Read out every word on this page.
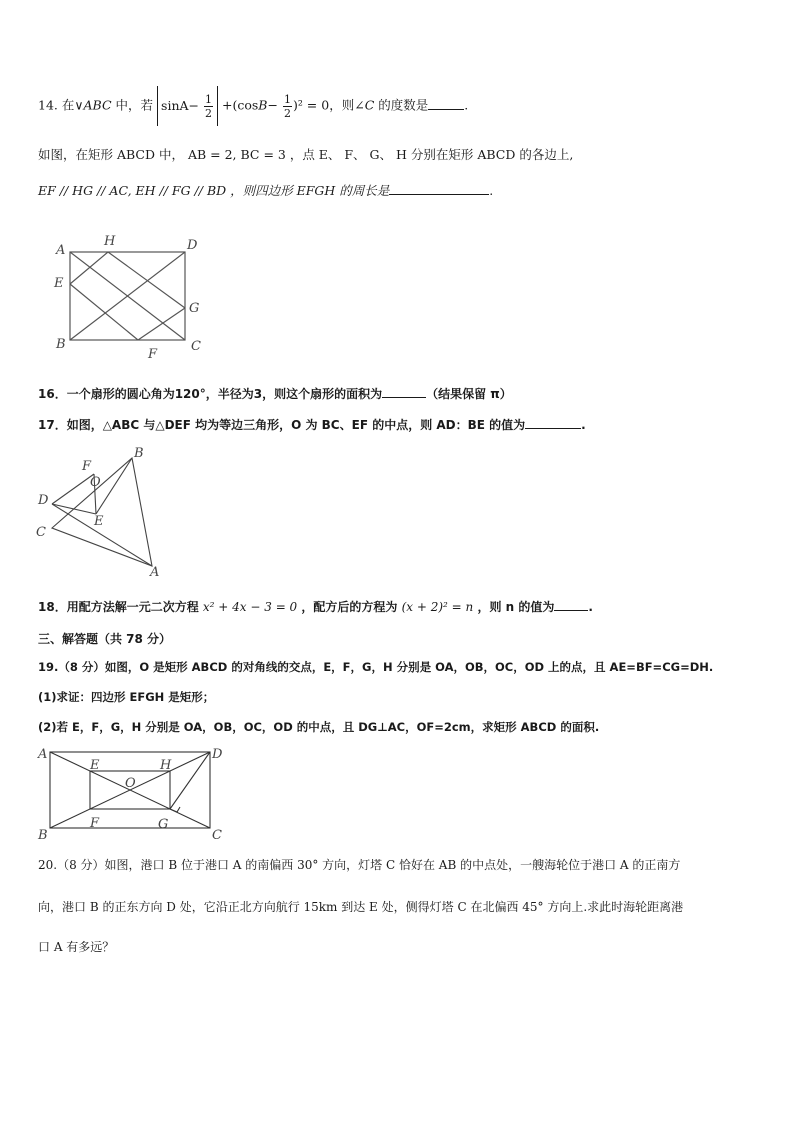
14. 在∨ABC 中，若 $\sin A- \frac{1}{2} +(\cos B- \frac{1}{2} )^2 = 0$，则∠C 的度数是	.
如图，在矩形 ABCD 中， AB = 2, BC = 3 ，点 E、 F、 G、 H 分别在矩形 ABCD 的各边上,
EF // HG // AC, EH // FG // BD ，则四边形 EFGH 的周长是	.
A
H	D
E
G
B
F
C
16．一个扇形的圆心角为120°，半径为3，则这个扇形的面积为	（结果保留 π）
17．如图，△ABC 与△DEF 均为等边三角形，O 为 BC、EF 的中点，则 AD：BE 的值为	.
F
B
O
D
E
C
A
18．用配方法解一元二次方程 x² + 4x − 3 = 0 ，配方后的方程为 (x + 2)² = n ，则 n 的值为	.
三、解答题（共 78 分）
19.（8 分）如图，O 是矩形 ABCD 的对角线的交点，E，F，G，H 分别是 OA，OB，OC，OD 上的点，且 AE=BF=CG=DH.
(1)求证：四边形 EFGH 是矩形；
(2)若 E，F，G，H 分别是 OA，OB，OC，OD 的中点，且 DG⊥AC，OF=2cm，求矩形 ABCD 的面积.
A	D
E	H
O
B
F	G
C
20.（8 分）如图，港口 B 位于港口 A 的南偏西 30° 方向，灯塔 C 恰好在 AB 的中点处，一艘海轮位于港口 A 的正南方
向，港口 B 的正东方向 D 处，它沿正北方向航行 15km 到达 E 处，侧得灯塔 C 在北偏西 45° 方向上.求此时海轮距离港
口 A 有多远？
